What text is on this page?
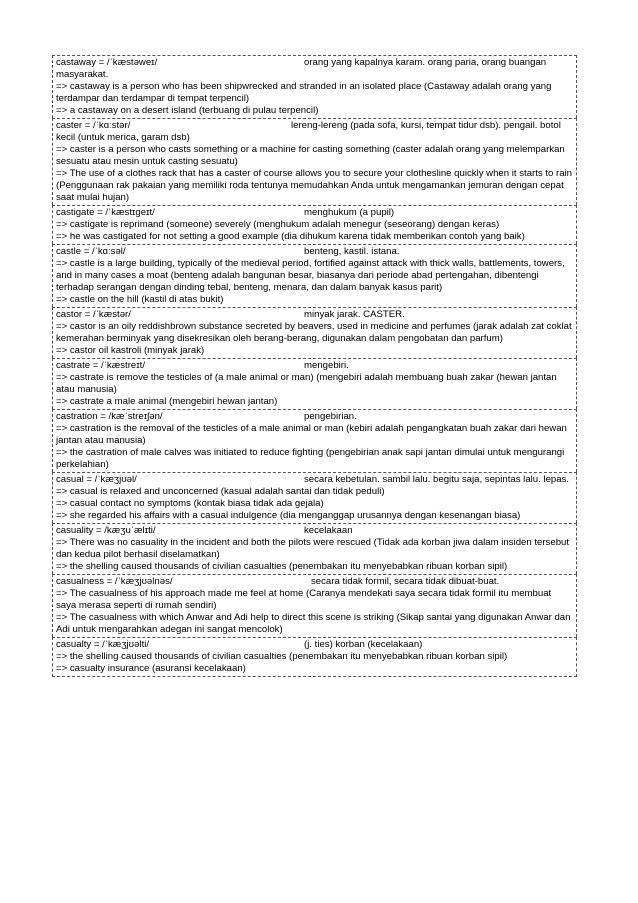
castaway = /ˈkæstəweɪ/	orang yang kapalnya karam. orang paria, orang buangan masyarakat.
=> castaway is a person who has been shipwrecked and stranded in an isolated place (Castaway adalah orang yang terdampar dan terdampar di tempat terpencil)
=> a castaway on a desert island (terbuang di pulau terpencil)
caster = /ˈkɑːstər/	lereng-lereng (pada sofa, kursi, tempat tidur dsb). pengail. botol kecil (untuk merica, garam dsb)
=> caster is a person who casts something or a machine for casting something (caster adalah orang yang melemparkan sesuatu atau mesin untuk casting sesuatu)
=> The use of a clothes rack that has a caster of course allows you to secure your clothesline quickly when it starts to rain (Penggunaan rak pakaian yang memiliki roda tentunya memudahkan Anda untuk mengamankan jemuran dengan cepat saat mulai hujan)
castigate = /ˈkæstɪgeɪt/	menghukum (a pupil)
=> castigate is reprimand (someone) severely (menghukum adalah menegur (seseorang) dengan keras)
=> he was castigated for not setting a good example (dia dihukum karena tidak memberikan contoh yang baik)
castle = /ˈkɑːsəl/	benteng, kastil. istana.
=> castle is a large building, typically of the medieval period, fortified against attack with thick walls, battlements, towers, and in many cases a moat (benteng adalah bangunan besar, biasanya dari periode abad pertengahan, dibentengi terhadap serangan dengan dinding tebal, benteng, menara, dan dalam banyak kasus parit)
=> castle on the hill (kastil di atas bukit)
castor = /ˈkæstər/	minyak jarak. CASTER.
=> castor is an oily reddishbrown substance secreted by beavers, used in medicine and perfumes (jarak adalah zat coklat kemerahan berminyak yang disekresikan oleh berang-berang, digunakan dalam pengobatan dan parfum)
=> castor oil kastroli (minyak jarak)
castrate = /ˈkæstreɪt/	mengebiri.
=> castrate is remove the testicles of (a male animal or man) (mengebiri adalah membuang buah zakar (hewan jantan atau manusia)
=> castrate a male animal (mengebiri hewan jantan)
castration = /kæˈstreɪʃən/	pengebirian.
=> castration is the removal of the testicles of a male animal or man (kebiri adalah pengangkatan buah zakar dari hewan jantan atau manusia)
=> the castration of male calves was initiated to reduce fighting (pengebirian anak sapi jantan dimulai untuk mengurangi perkelahian)
casual = /ˈkæʒjʊəl/	secara kebetulan. sambil lalu. begitu saja, sepintas lalu. lepas.
=> casual is relaxed and unconcerned (kasual adalah santai dan tidak peduli)
=> casual contact no symptoms (kontak biasa tidak ada gejala)
=> she regarded his affairs with a casual indulgence (dia menganggap urusannya dengan kesenangan biasa)
casuality = /kæʒuˈælɪti/	kecelakaan
=> There was no casuality in the incident and both the pilots were rescued (Tidak ada korban jiwa dalam insiden tersebut dan kedua pilot berhasil diselamatkan)
=> the shelling caused thousands of civilian casualties (penembakan itu menyebabkan ribuan korban sipil)
casualness = /ˈkæʒjʊəlnəs/	secara tidak formil, secara tidak dibuat-buat.
=> The casualness of his approach made me feel at home (Caranya mendekati saya secara tidak formil itu membuat saya merasa seperti di rumah sendiri)
=> The casualness with which Anwar and Adi help to direct this scene is striking (Sikap santai yang digunakan Anwar dan Adi untuk mengarahkan adegan ini sangat mencolok)
casualty = /ˈkæʒjʊəlti/	(j. ties) korban (kecelakaan)
=> the shelling caused thousands of civilian casualties (penembakan itu menyebabkan ribuan korban sipil)
=> casualty insurance (asuransi kecelakaan)
